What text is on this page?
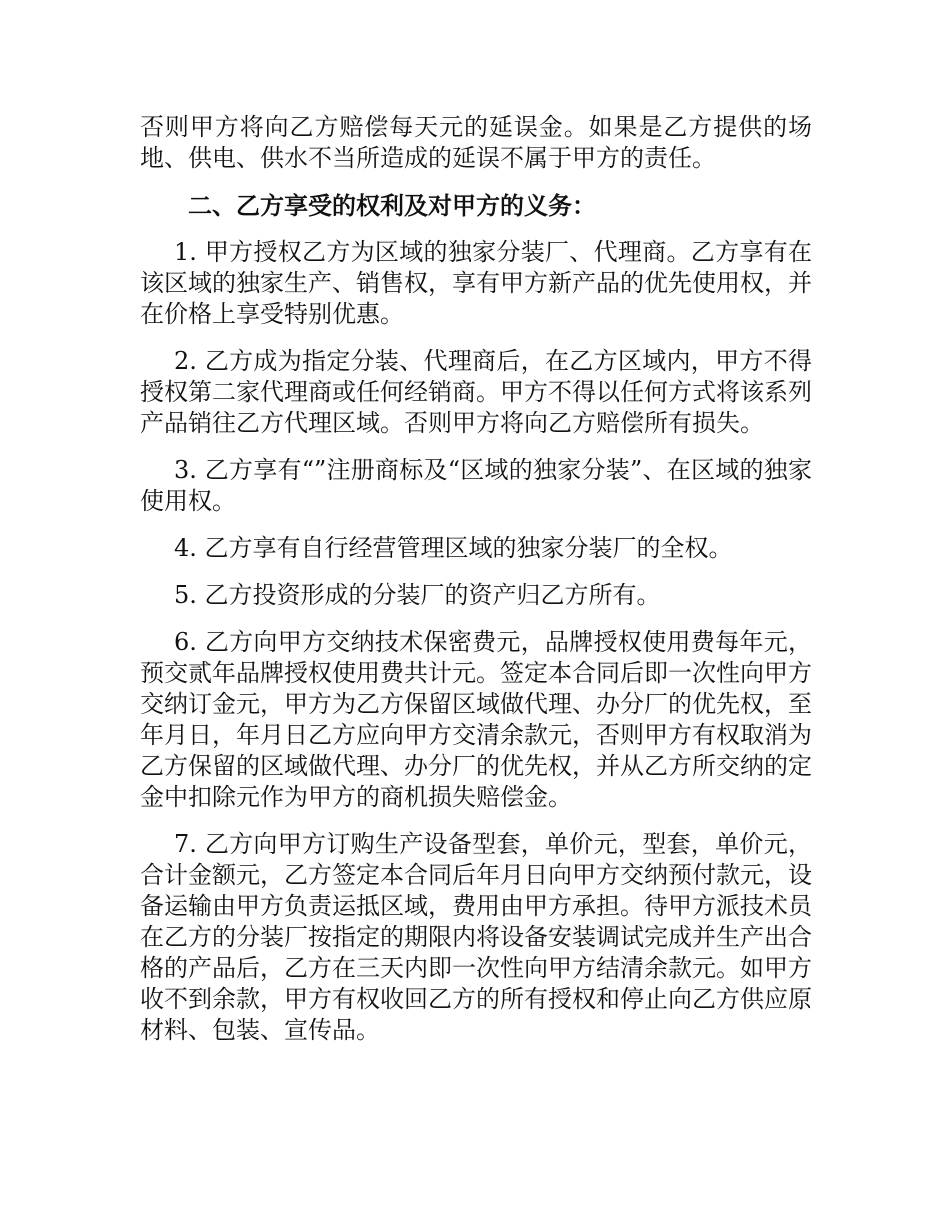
否则甲方将向乙方赔偿每天元的延误金。如果是乙方提供的场地、供电、供水不当所造成的延误不属于甲方的责任。

二、乙方享受的权利及对甲方的义务：

1. 甲方授权乙方为区域的独家分装厂、代理商。乙方享有在该区域的独家生产、销售权，享有甲方新产品的优先使用权，并在价格上享受特别优惠。

2. 乙方成为指定分装、代理商后，在乙方区域内，甲方不得授权第二家代理商或任何经销商。甲方不得以任何方式将该系列产品销往乙方代理区域。否则甲方将向乙方赔偿所有损失。

3. 乙方享有“”注册商标及“区域的独家分装”、在区域的独家使用权。

4. 乙方享有自行经营管理区域的独家分装厂的全权。

5. 乙方投资形成的分装厂的资产归乙方所有。

6. 乙方向甲方交纳技术保密费元，品牌授权使用费每年元，预交贰年品牌授权使用费共计元。签定本合同后即一次性向甲方交纳订金元，甲方为乙方保留区域做代理、办分厂的优先权，至年月日，年月日乙方应向甲方交清余款元，否则甲方有权取消为乙方保留的区域做代理、办分厂的优先权，并从乙方所交纳的定金中扣除元作为甲方的商机损失赔偿金。

7. 乙方向甲方订购生产设备型套，单价元，型套，单价元，合计金额元，乙方签定本合同后年月日向甲方交纳预付款元，设备运输由甲方负责运抵区域，费用由甲方承担。待甲方派技术员在乙方的分装厂按指定的期限内将设备安装调试完成并生产出合格的产品后，乙方在三天内即一次性向甲方结清余款元。如甲方收不到余款，甲方有权收回乙方的所有授权和停止向乙方供应原材料、包装、宣传品。
